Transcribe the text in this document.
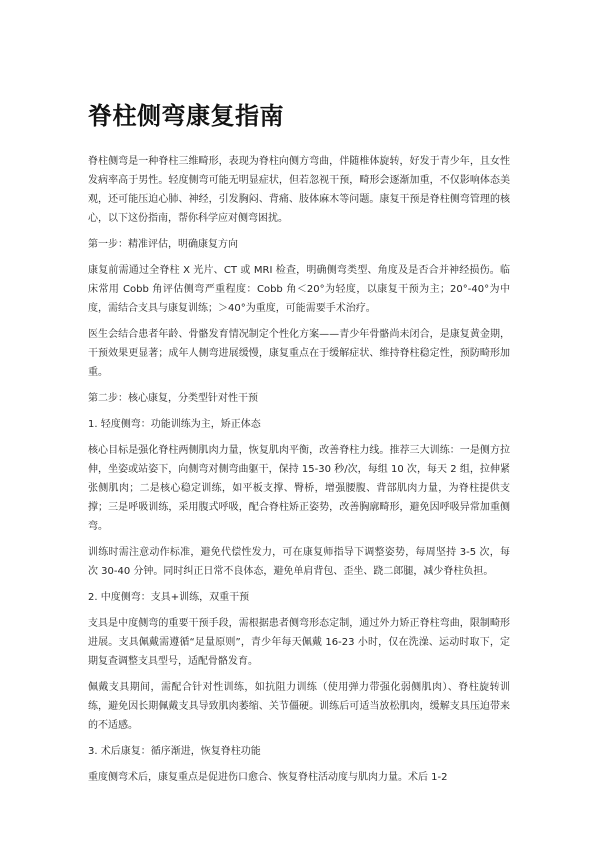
脊柱侧弯康复指南

脊柱侧弯是一种脊柱三维畸形，表现为脊柱向侧方弯曲，伴随椎体旋转，好发于青少年，且女性发病率高于男性。轻度侧弯可能无明显症状，但若忽视干预，畸形会逐渐加重，不仅影响体态美观，还可能压迫心肺、神经，引发胸闷、背痛、肢体麻木等问题。康复干预是脊柱侧弯管理的核心，以下这份指南，帮你科学应对侧弯困扰。

第一步：精准评估，明确康复方向

康复前需通过全脊柱 X 光片、CT 或 MRI 检查，明确侧弯类型、角度及是否合并神经损伤。临床常用 Cobb 角评估侧弯严重程度：Cobb 角＜20°为轻度，以康复干预为主；20°-40°为中度，需结合支具与康复训练；＞40°为重度，可能需要手术治疗。

医生会结合患者年龄、骨骼发育情况制定个性化方案——青少年骨骼尚未闭合，是康复黄金期，干预效果更显著；成年人侧弯进展缓慢，康复重点在于缓解症状、维持脊柱稳定性，预防畸形加重。

第二步：核心康复，分类型针对性干预

1. 轻度侧弯：功能训练为主，矫正体态

核心目标是强化脊柱两侧肌肉力量，恢复肌肉平衡，改善脊柱力线。推荐三大训练：一是侧方拉伸，坐姿或站姿下，向侧弯对侧弯曲躯干，保持 15-30 秒/次，每组 10 次，每天 2 组，拉伸紧张侧肌肉；二是核心稳定训练，如平板支撑、臀桥，增强腰腹、背部肌肉力量，为脊柱提供支撑；三是呼吸训练，采用腹式呼吸，配合脊柱矫正姿势，改善胸廓畸形，避免因呼吸异常加重侧弯。

训练时需注意动作标准，避免代偿性发力，可在康复师指导下调整姿势，每周坚持 3-5 次，每次 30-40 分钟。同时纠正日常不良体态，避免单肩背包、歪坐、跷二郎腿，减少脊柱负担。

2. 中度侧弯：支具+训练，双重干预

支具是中度侧弯的重要干预手段，需根据患者侧弯形态定制，通过外力矫正脊柱弯曲，限制畸形进展。支具佩戴需遵循“足量原则”，青少年每天佩戴 16-23 小时，仅在洗澡、运动时取下，定期复查调整支具型号，适配骨骼发育。

佩戴支具期间，需配合针对性训练，如抗阻力训练（使用弹力带强化弱侧肌肉）、脊柱旋转训练，避免因长期佩戴支具导致肌肉萎缩、关节僵硬。训练后可适当放松肌肉，缓解支具压迫带来的不适感。

3. 术后康复：循序渐进，恢复脊柱功能

重度侧弯术后，康复重点是促进伤口愈合、恢复脊柱活动度与肌肉力量。术后 1-2
